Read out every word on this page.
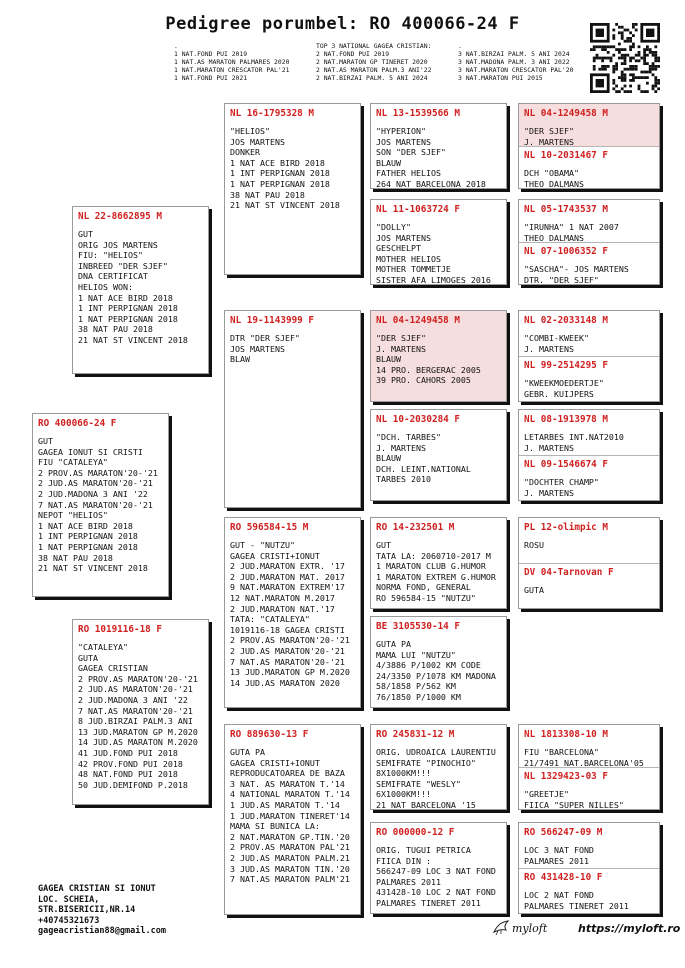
Pedigree porumbel: RO 400066-24 F
.
1 NAT.FOND PUI 2019
1 NAT.AS MARATON PALMARES 2020
1 NAT.MARATON CRESCATOR PAL'21
1 NAT.FOND PUI 2021
TOP 3 NATIONAL GAGEA CRISTIAN:
2 NAT.FOND PUI 2019
2 NAT.MARATON GP TINERET 2020
2 NAT.AS MARATON PALM.3 ANI'22
2 NAT.BIRZAI PALM. 5 ANI 2024
.
3 NAT.BIRZAI PALM. 5 ANI 2024
3 NAT.MADONA PALM. 3 ANI 2022
3 NAT.MARATON CRESCATOR PAL'20
3 NAT.MARATON PUI 2015
RO 400066-24 F
GUT
GAGEA IONUT SI CRISTI
FIU "CATALEYA"
2 PROV.AS MARATON'20-'21
2 JUD.AS MARATON'20-'21
2 JUD.MADONA 3 ANI '22
7 NAT.AS MARATON'20-'21
NEPOT "HELIOS"
1 NAT ACE BIRD 2018
1 INT PERPIGNAN 2018
1 NAT PERPIGNAN 2018
38 NAT PAU 2018
21 NAT ST VINCENT 2018
NL 22-8662895 M
GUT
ORIG JOS MARTENS
FIU: "HELIOS"
INBREED "DER SJEF"
DNA CERTIFICAT
HELIOS WON:
1 NAT ACE BIRD 2018
1 INT PERPIGNAN 2018
1 NAT PERPIGNAN 2018
38 NAT PAU 2018
21 NAT ST VINCENT 2018
RO 1019116-18 F
"CATALEYA"
GUTA
GAGEA CRISTIAN
2 PROV.AS MARATON'20-'21
2 JUD.AS MARATON'20-'21
2 JUD.MADONA 3 ANI '22
7 NAT.AS MARATON'20-'21
8 JUD.BIRZAI PALM.3 ANI
13 JUD.MARATON GP M.2020
14 JUD.AS MARATON M.2020
41 JUD.FOND PUI 2018
42 PROV.FOND PUI 2018
48 NAT.FOND PUI 2018
50 JUD.DEMIFOND P.2018
NL 16-1795328 M
"HELIOS"
JOS MARTENS
DONKER
1 NAT ACE BIRD 2018
1 INT PERPIGNAN 2018
1 NAT PERPIGNAN 2018
38 NAT PAU 2018
21 NAT ST VINCENT 2018
NL 19-1143999 F
DTR "DER SJEF"
JOS MARTENS
BLAW
RO 596584-15 M
GUT - "NUTZU"
GAGEA CRISTI+IONUT
2 JUD.MARATON EXTR. '17
2 JUD.MARATON MAT. 2017
9 NAT.MARATON EXTREM'17
12 NAT.MARATON M.2017
2 JUD.MARATON NAT.'17
TATA: "CATALEYA"
1019116-18 GAGEA CRISTI
2 PROV.AS MARATON'20-'21
2 JUD.AS MARATON'20-'21
7 NAT.AS MARATON'20-'21
13 JUD.MARATON GP M.2020
14 JUD.AS MARATON 2020
RO 889630-13 F
GUTA PA
GAGEA CRISTI+IONUT
REPRODUCATOAREA DE BAZA
3 NAT. AS MARATON T.'14
4 NATIONAL MARATON T.'14
1 JUD.AS MARATON T.'14
1 JUD.MARATON TINERET'14
MAMA SI BUNICA LA:
2 NAT.MARATON GP.TIN.'20
2 PROV.AS MARATON PAL'21
2 JUD.AS MARATON PALM.21
3 JUD.AS MARATON TIN.'20
7 NAT.AS MARATON PALM'21
NL 13-1539566 M
"HYPERION"
JOS MARTENS
SON "DER SJEF"
BLAUW
FATHER HELIOS
264 NAT BARCELONA 2018
NL 11-1063724 F
"DOLLY"
JOS MARTENS
GESCHELPT
MOTHER HELIOS
MOTHER TOMMETJE
SISTER AFA LIMOGES 2016
NL 04-1249458 M
"DER SJEF"
J. MARTENS
BLAUW
14 PRO. BERGERAC 2005
39 PRO. CAHORS 2005
NL 10-2030284 F
"DCH. TARBES"
J. MARTENS
BLAUW
DCH. LEINT.NATIONAL
TARBES 2010
RO 14-232501 M
GUT
TATA LA: 2060710-2017 M
1 MARATON CLUB G.HUMOR
1 MARATON EXTREM G.HUMOR
NORMA FOND, GENERAL
RO 596584-15 "NUTZU"
BE 3105530-14 F
GUTA PA
MAMA LUI "NUTZU"
4/3886 P/1002 KM CODE
24/3350 P/1078 KM MADONA
58/1858 P/562 KM
76/1850 P/1000 KM
RO 245831-12 M
ORIG. UDROAICA LAURENTIU
SEMIFRATE "PINOCHIO"
8X1000KM!!!
SEMIFRATE "WESLY"
6X1000KM!!!
21 NAT BARCELONA '15
RO 000000-12 F
ORIG. TUGUI PETRICA
FIICA DIN :
566247-09 LOC 3 NAT FOND
PALMARES 2011
431428-10 LOC 2 NAT FOND
PALMARES TINERET 2011
NL 04-1249458 M
"DER SJEF"
J. MARTENS
NL 10-2031467 F
DCH "OBAMA"
THEO DALMANS
NL 05-1743537 M
"IRUNHA" 1 NAT 2007
THEO DALMANS
NL 07-1006352 F
"SASCHA"- JOS MARTENS
DTR. "DER SJEF"
NL 02-2033148 M
"COMBI-KWEEK"
J. MARTENS
NL 99-2514295 F
"KWEEKMOEDERTJE"
GEBR. KUIJPERS
NL 08-1913978 M
LETARBES INT.NAT2010
J. MARTENS
NL 09-1546674 F
"DOCHTER CHAMP"
J. MARTENS
PL 12-olimpic M
ROSU
DV 04-Tarnovan F
GUTA
NL 1813308-10 M
FIU "BARCELONA"
21/7491 NAT.BARCELONA'05
NL 1329423-03 F
"GREETJE"
FIICA "SUPER NILLES"
RO 566247-09 M
LOC 3 NAT FOND
PALMARES 2011
RO 431428-10 F
LOC 2 NAT FOND
PALMARES TINERET 2011
GAGEA CRISTIAN SI IONUT
LOC. SCHEIA,
STR.BISERICII,NR.14
+40745321673
gageacristian88@gmail.com	myloft	https://myloft.ro
